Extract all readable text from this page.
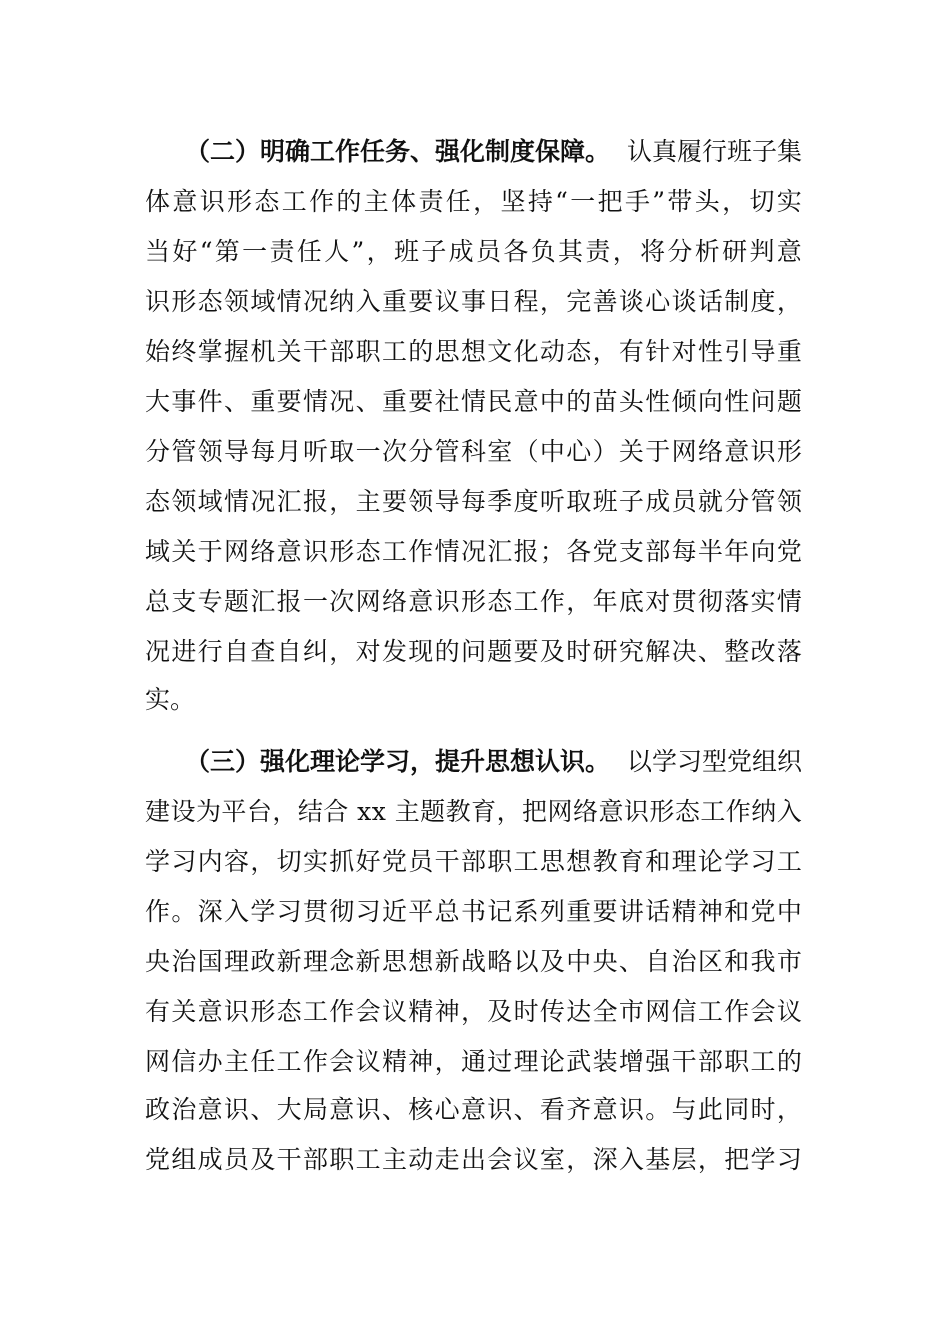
（二）明确工作任务、强化制度保障。 认真履行班子集
体 意 识 形 态 工 作 的 主 体 责 任 ， 坚 持 “ 一 把 手 ” 带 头 ， 切 实
当 好 “ 第 一 责 任 人 ” ， 班 子 成 员 各 负 其 责 ， 将 分 析 研 判 意
识 形 态 领 域 情 况 纳 入 重 要 议 事 日 程 ， 完 善 谈 心 谈 话 制 度 ，
始 终 掌 握 机 关 干 部 职 工 的 思 想 文 化 动 态 ， 有 针 对 性 引 导 重
大 事 件 、 重 要 情 况 、 重 要 社 情 民 意 中 的 苗 头 性 倾 向 性 问 题
分 管 领 导 每 月 听 取 一 次 分 管 科 室 （ 中 心 ） 关 于 网 络 意 识 形
态 领 域 情 况 汇 报 ， 主 要 领 导 每 季 度 听 取 班 子 成 员 就 分 管 领
域 关 于 网 络 意 识 形 态 工 作 情 况 汇 报 ； 各 党 支 部 每 半 年 向 党
总 支 专 题 汇 报 一 次 网 络 意 识 形 态 工 作 ， 年 底 对 贯 彻 落 实 情
况 进 行 自 查 自 纠 ， 对 发 现 的 问 题 要 及 时 研 究 解 决 、 整 改 落
实。
（三）强化理论学习，提升思想认识。 以学习型党组织
建 设 为 平 台 ， 结 合
x x
主 题 教 育 ， 把 网 络 意 识 形 态 工 作 纳 入
学 习 内 容 ， 切 实 抓 好 党 员 干 部 职 工 思 想 教 育 和 理 论 学 习 工
作 。 深 入 学 习 贯 彻 习 近 平 总 书 记 系 列 重 要 讲 话 精 神 和 党 中
央 治 国 理 政 新 理 念 新 思 想 新 战 略 以 及 中 央 、 自 治 区 和 我 市
有 关 意 识 形 态 工 作 会 议 精 神 ， 及 时 传 达 全 市 网 信 工 作 会 议
网 信 办 主 任 工 作 会 议 精 神 ， 通 过 理 论 武 装 增 强 干 部 职 工 的
政 治 意 识 、 大 局 意 识 、 核 心 意 识 、 看 齐 意 识 。 与 此 同 时 ，
党 组 成 员 及 干 部 职 工 主 动 走 出 会 议 室 ， 深 入 基 层 ， 把 学 习
